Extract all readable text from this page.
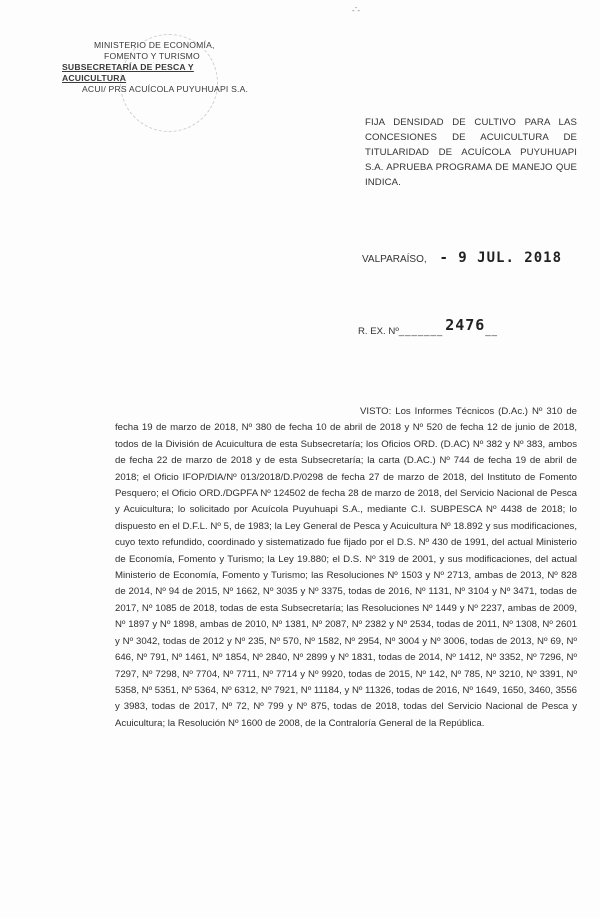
-ˉ-
MINISTERIO DE ECONOMÍA,
FOMENTO Y TURISMO
SUBSECRETARÍA DE PESCA Y ACUICULTURA
ACUI/ PRS ACUÍCOLA PUYUHUAPI S.A.
FIJA DENSIDAD DE CULTIVO PARA LAS CONCESIONES DE ACUICULTURA DE TITULARIDAD DE ACUÍCOLA PUYUHUAPI S.A. APRUEBA PROGRAMA DE MANEJO QUE INDICA.
VALPARAÍSO, - 9 JUL. 2018
R. EX. Nº_______ 2476__
VISTO: Los Informes Técnicos (D.Ac.) Nº 310 de fecha 19 de marzo de 2018, Nº 380 de fecha 10 de abril de 2018 y Nº 520 de fecha 12 de junio de 2018, todos de la División de Acuicultura de esta Subsecretaría; los Oficios ORD. (D.AC) Nº 382 y Nº 383, ambos de fecha 22 de marzo de 2018 y de esta Subsecretaría; la carta (D.AC.) Nº 744 de fecha 19 de abril de 2018; el Oficio IFOP/DIA/Nº 013/2018/D.P/0298 de fecha 27 de marzo de 2018, del Instituto de Fomento Pesquero; el Oficio ORD./DGPFA Nº 124502 de fecha 28 de marzo de 2018, del Servicio Nacional de Pesca y Acuicultura; lo solicitado por Acuícola Puyuhuapi S.A., mediante C.I. SUBPESCA Nº 4438 de 2018; lo dispuesto en el D.F.L. Nº 5, de 1983; la Ley General de Pesca y Acuicultura Nº 18.892 y sus modificaciones, cuyo texto refundido, coordinado y sistematizado fue fijado por el D.S. Nº 430 de 1991, del actual Ministerio de Economía, Fomento y Turismo; la Ley 19.880; el D.S. Nº 319 de 2001, y sus modificaciones, del actual Ministerio de Economía, Fomento y Turismo; las Resoluciones Nº 1503 y Nº 2713, ambas de 2013, Nº 828 de 2014, Nº 94 de 2015, Nº 1662, Nº 3035 y Nº 3375, todas de 2016, Nº 1131, Nº 3104 y Nº 3471, todas de 2017, Nº 1085 de 2018, todas de esta Subsecretaría; las Resoluciones Nº 1449 y Nº 2237, ambas de 2009, Nº 1897 y Nº 1898, ambas de 2010, Nº 1381, Nº 2087, Nº 2382 y Nº 2534, todas de 2011, Nº 1308, Nº 2601 y Nº 3042, todas de 2012 y Nº 235, Nº 570, Nº 1582, Nº 2954, Nº 3004 y Nº 3006, todas de 2013, Nº 69, Nº 646, Nº 791, Nº 1461, Nº 1854, Nº 2840, Nº 2899 y Nº 1831, todas de 2014, Nº 1412, Nº 3352, Nº 7296, Nº 7297, Nº 7298, Nº 7704, Nº 7711, Nº 7714 y Nº 9920, todas de 2015, Nº 142, Nº 785, Nº 3210, Nº 3391, Nº 5358, Nº 5351, Nº 5364, Nº 6312, Nº 7921, Nº 11184, y Nº 11326, todas de 2016, Nº 1649, 1650, 3460, 3556 y 3983, todas de 2017, Nº 72, Nº 799 y Nº 875, todas de 2018, todas del Servicio Nacional de Pesca y Acuicultura; la Resolución Nº 1600 de 2008, de la Contraloría General de la República.
